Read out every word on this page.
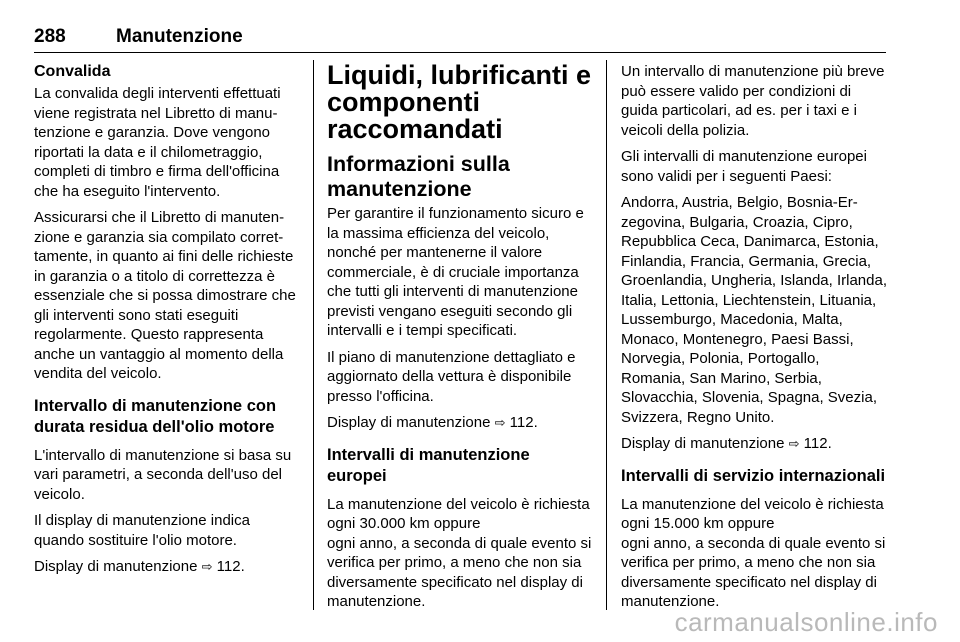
288	Manutenzione
Convalida

La convalida degli interventi effettuati viene registrata nel Libretto di manutenzione e garanzia. Dove vengono riportati la data e il chilometraggio, completi di timbro e firma dell'officina che ha eseguito l'intervento.

Assicurarsi che il Libretto di manutenzione e garanzia sia compilato correttamente, in quanto ai fini delle richieste in garanzia o a titolo di correttezza è essenziale che si possa dimostrare che gli interventi sono stati eseguiti regolarmente. Questo rappresenta anche un vantaggio al momento della vendita del veicolo.

Intervallo di manutenzione con durata residua dell'olio motore

L'intervallo di manutenzione si basa su vari parametri, a seconda dell'uso del veicolo.

Il display di manutenzione indica quando sostituire l'olio motore.

Display di manutenzione ⇨ 112.

Liquidi, lubrificanti e componenti raccomandati
Informazioni sulla manutenzione

Per garantire il funzionamento sicuro e la massima efficienza del veicolo, nonché per mantenerne il valore commerciale, è di cruciale importanza che tutti gli interventi di manutenzione previsti vengano eseguiti secondo gli intervalli e i tempi specificati.

Il piano di manutenzione dettagliato e aggiornato della vettura è disponibile presso l'officina.

Display di manutenzione ⇨ 112.

Intervalli di manutenzione europei

La manutenzione del veicolo è richiesta ogni 30.000 km oppure

ogni anno, a seconda di quale evento si verifica per primo, a meno che non sia diversamente specificato nel display di manutenzione.

Un intervallo di manutenzione più breve può essere valido per condizioni di guida particolari, ad es. per i taxi e i veicoli della polizia.

Gli intervalli di manutenzione europei sono validi per i seguenti Paesi:

Andorra, Austria, Belgio, Bosnia-Erzegovina, Bulgaria, Croazia, Cipro, Repubblica Ceca, Danimarca, Estonia, Finlandia, Francia, Germania, Grecia, Groenlandia, Ungheria, Islanda, Irlanda, Italia, Lettonia, Liechtenstein, Lituania, Lussemburgo, Macedonia, Malta, Monaco, Montenegro, Paesi Bassi, Norvegia, Polonia, Portogallo, Romania, San Marino, Serbia, Slovacchia, Slovenia, Spagna, Svezia, Svizzera, Regno Unito.

Display di manutenzione ⇨ 112.

Intervalli di servizio internazionali

La manutenzione del veicolo è richiesta ogni 15.000 km oppure

ogni anno, a seconda di quale evento si verifica per primo, a meno che non sia diversamente specificato nel display di manutenzione.

carmanualsonline.info
